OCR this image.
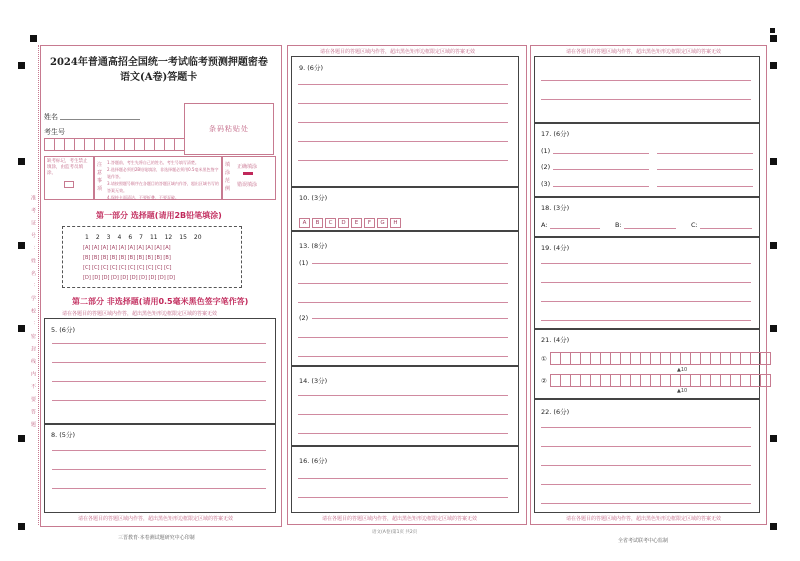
准 考 证 号 ： 姓 名 ： 学 校 ： 密 封 线 内 不 要 答 题
2024年普通高招全国统一考试临考预测押题密卷
语文(A卷)答题卡
姓名
考生号	条码粘贴处
缺考标记，考生禁止填涂，由监考员填涂。
注意事项
1.答题前，考生先将自己的姓名、考生号填写清楚。
2.选择题必须用2B铅笔填涂，非选择题必须用0.5毫米黑色签字笔作答。
3.请按照题号顺序在各题目的答题区域内作答，超出区域书写的答案无效。
4.保持卡面清洁，不要折叠，不要弄破。
填涂范例
正确填涂
错误填涂
第一部分 选择题(请用2B铅笔填涂)
1 2 3 4 6 7 11 12 15 20
[A] [A] [A] [A] [A] [A] [A] [A] [A] [A]
[B] [B] [B] [B] [B] [B] [B] [B] [B] [B]
[C] [C] [C] [C] [C] [C] [C] [C] [C] [C]
[D] [D] [D] [D] [D] [D] [D] [D] [D] [D]
第二部分 非选择题(请用0.5毫米黑色签字笔作答)
请在各题目的答题区域内作答，超出黑色矩形边框限定区域的答案无效
5. (6分)
8. (5分)
请在各题目的答题区域内作答，超出黑色矩形边框限定区域的答案无效
请在各题目的答题区域内作答，超出黑色矩形边框限定区域的答案无效
9. (6分)
10. (3分)
A B C D E F G H
13. (8分)
(1)
(2)
14. (3分)
16. (6分)
请在各题目的答题区域内作答，超出黑色矩形边框限定区域的答案无效
请在各题目的答题区域内作答，超出黑色矩形边框限定区域的答案无效
17. (6分)
(1)
(2)
(3)
18. (3分)
A:	B:	C:
19. (4分)
21. (4分)
①
②
▲10
▲10
22. (6分)
请在各题目的答题区域内作答，超出黑色矩形边框限定区域的答案无效
三晋教育·本卷测试题研究中心印制
语文(A卷)第1页 共2页
全省考试联考中心监制
